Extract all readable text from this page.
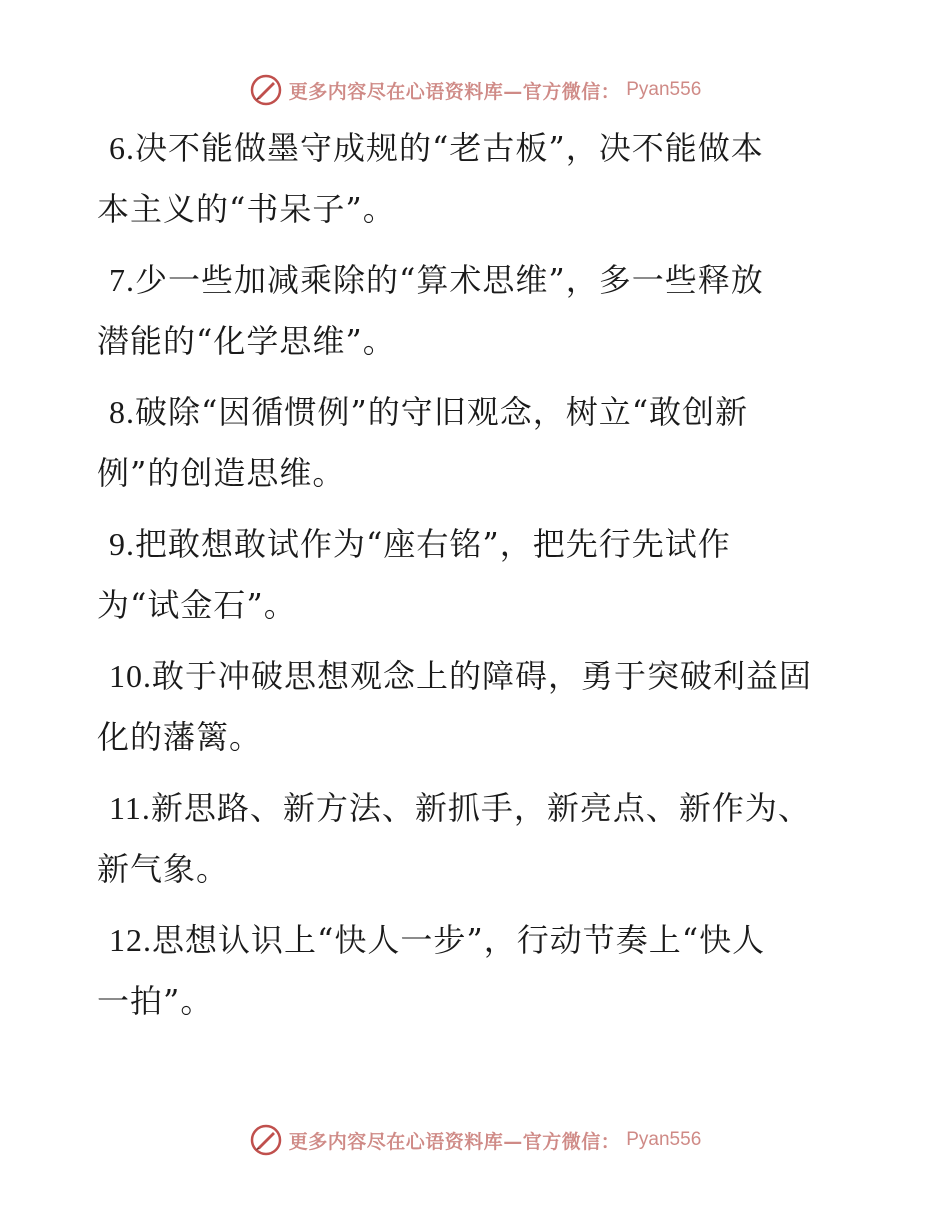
更多内容尽在心语资料库—官方微信： Pyan556

6.决不能做墨守成规的“老古板”，决不能做本
本主义的“书呆子”。

7.少一些加减乘除的“算术思维”，多一些释放
潜能的“化学思维”。

8.破除“因循惯例”的守旧观念，树立“敢创新
例”的创造思维。

9.把敢想敢试作为“座右铭”，把先行先试作
为“试金石”。

10.敢于冲破思想观念上的障碍，勇于突破利益固
化的藩篱。

11.新思路、新方法、新抓手，新亮点、新作为、
新气象。

12.思想认识上“快人一步”，行动节奏上“快人
一拍”。

更多内容尽在心语资料库—官方微信： Pyan556
